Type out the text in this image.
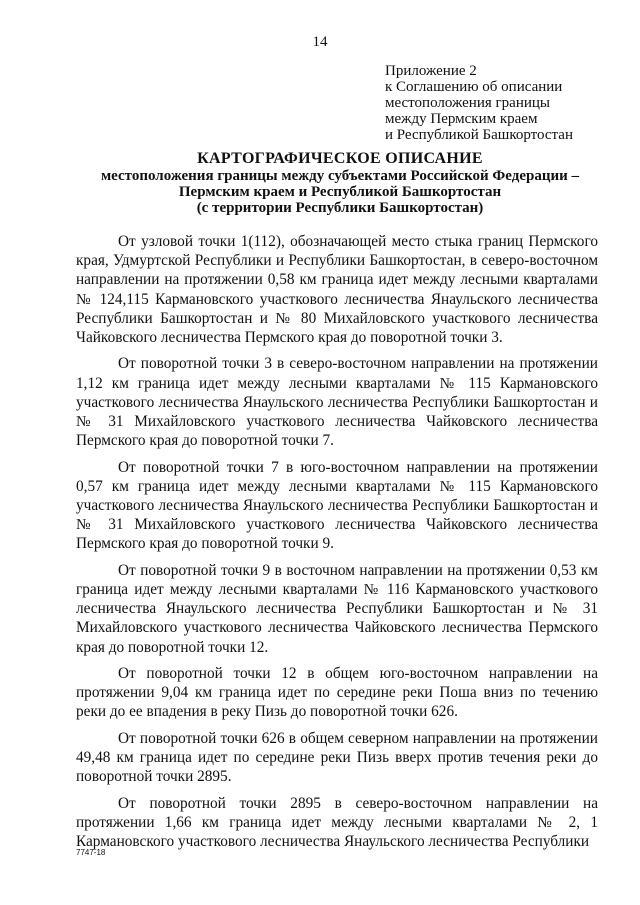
14
Приложение 2
к Соглашению об описании
местоположения границы
между Пермским краем
и Республикой Башкортостан
КАРТОГРАФИЧЕСКОЕ ОПИСАНИЕ
местоположения границы между субъектами Российской Федерации –
Пермским краем и Республикой Башкортостан
(с территории Республики Башкортостан)

От узловой точки 1(112), обозначающей место стыка границ Пермского края, Удмуртской Республики и Республики Башкортостан, в северо-восточном направлении на протяжении 0,58 км граница идет между лесными кварталами № 124,115 Кармановского участкового лесничества Янаульского лесничества Республики Башкортостан и № 80 Михайловского участкового лесничества Чайковского лесничества Пермского края до поворотной точки 3.

От поворотной точки 3 в северо-восточном направлении на протяжении 1,12 км граница идет между лесными кварталами № 115 Кармановского участкового лесничества Янаульского лесничества Республики Башкортостан и № 31 Михайловского участкового лесничества Чайковского лесничества Пермского края до поворотной точки 7.

От поворотной точки 7 в юго-восточном направлении на протяжении 0,57 км граница идет между лесными кварталами № 115 Кармановского участкового лесничества Янаульского лесничества Республики Башкортостан и № 31 Михайловского участкового лесничества Чайковского лесничества Пермского края до поворотной точки 9.

От поворотной точки 9 в восточном направлении на протяжении 0,53 км граница идет между лесными кварталами № 116 Кармановского участкового лесничества Янаульского лесничества Республики Башкортостан и № 31 Михайловского участкового лесничества Чайковского лесничества Пермского края до поворотной точки 12.

От поворотной точки 12 в общем юго-восточном направлении на протяжении 9,04 км граница идет по середине реки Поша вниз по течению реки до ее впадения в реку Пизь до поворотной точки 626.

От поворотной точки 626 в общем северном направлении на протяжении 49,48 км граница идет по середине реки Пизь вверх против течения реки до поворотной точки 2895.

От поворотной точки 2895 в северо-восточном направлении на протяжении 1,66 км граница идет между лесными кварталами № 2, 1 Кармановского участкового лесничества Янаульского лесничества Республики

7747-18
